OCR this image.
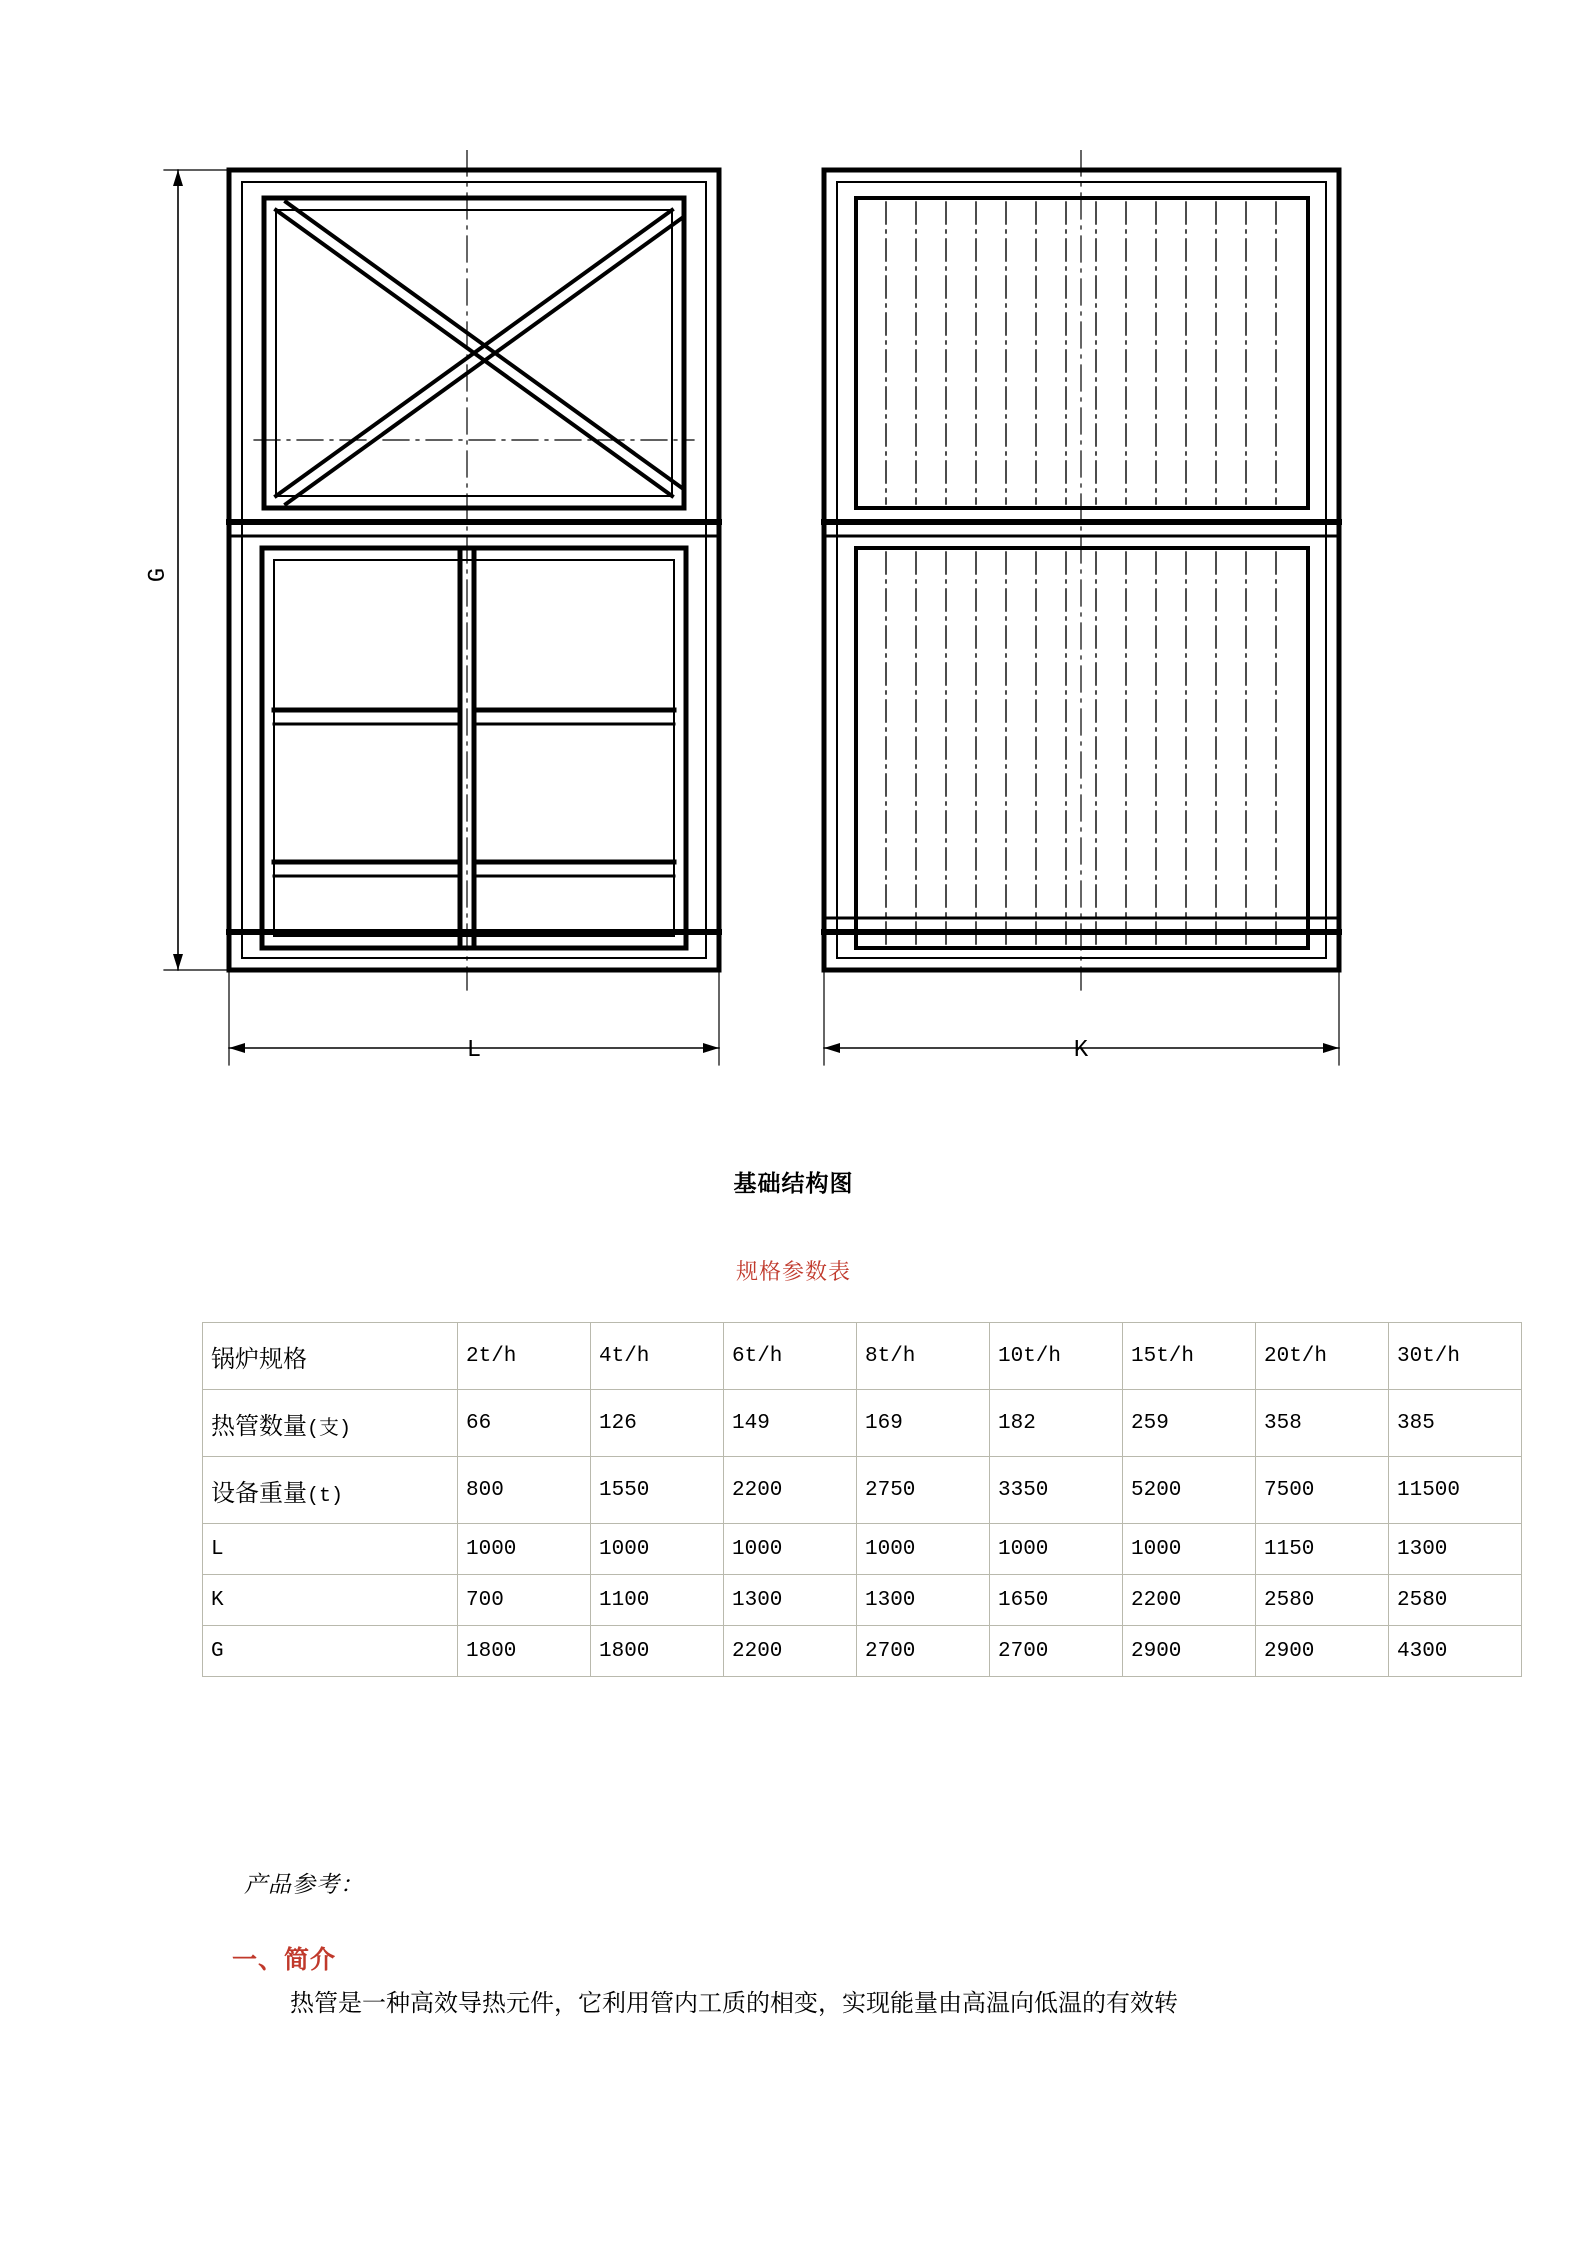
G
L	K
基础结构图
规格参数表
锅炉规格	2t/h	4t/h	6t/h	8t/h	10t/h	15t/h	20t/h	30t/h
热管数量(支)	66	126	149	169	182	259	358	385
设备重量(t)	800	1550	2200	2750	3350	5200	7500	11500
L	1000	1000	1000	1000	1000	1000	1150	1300
K	700	1100	1300	1300	1650	2200	2580	2580
G	1800	1800	2200	2700	2700	2900	2900	4300
产品参考：
一、简介
热管是一种高效导热元件，它利用管内工质的相变，实现能量由高温向低温的有效转
